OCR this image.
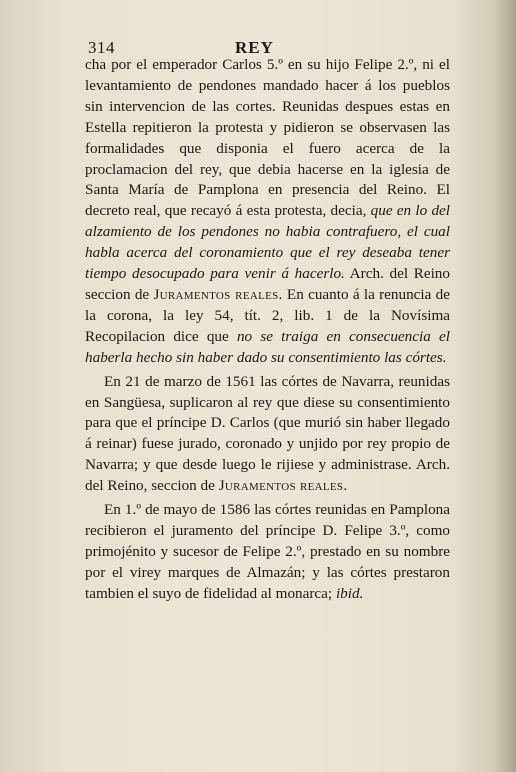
314	REY

cha por el emperador Carlos 5.º en su hijo Felipe 2.º, ni el levantamiento de pendones mandado hacer á los pueblos sin intervencion de las cortes. Reunidas despues estas en Estella repitieron la protesta y pidieron se observasen las formalidades que disponia el fuero acerca de la proclamacion del rey, que debia hacerse en la iglesia de Santa María de Pamplona en presencia del Reino. El decreto real, que recayó á esta protesta, decia, que en lo del alzamiento de los pendones no habia contrafuero, el cual habla acerca del coronamiento que el rey deseaba tener tiempo desocupado para venir á hacerlo. Arch. del Reino seccion de Juramentos reales. En cuanto á la renuncia de la corona, la ley 54, tít. 2, lib. 1 de la Novísima Recopilacion dice que no se traiga en consecuencia el haberla hecho sin haber dado su consentimiento las córtes.

En 21 de marzo de 1561 las córtes de Navarra, reunidas en Sangüesa, suplicaron al rey que diese su consentimiento para que el príncipe D. Carlos (que murió sin haber llegado á reinar) fuese jurado, coronado y unjido por rey propio de Navarra; y que desde luego le rijiese y administrase. Arch. del Reino, seccion de Juramentos reales.

En 1.º de mayo de 1586 las córtes reunidas en Pamplona recibieron el juramento del príncipe D. Felipe 3.º, como primojénito y sucesor de Felipe 2.º, prestado en su nombre por el virey marques de Almazán; y las córtes prestaron tambien el suyo de fidelidad al monarca; ibid.
